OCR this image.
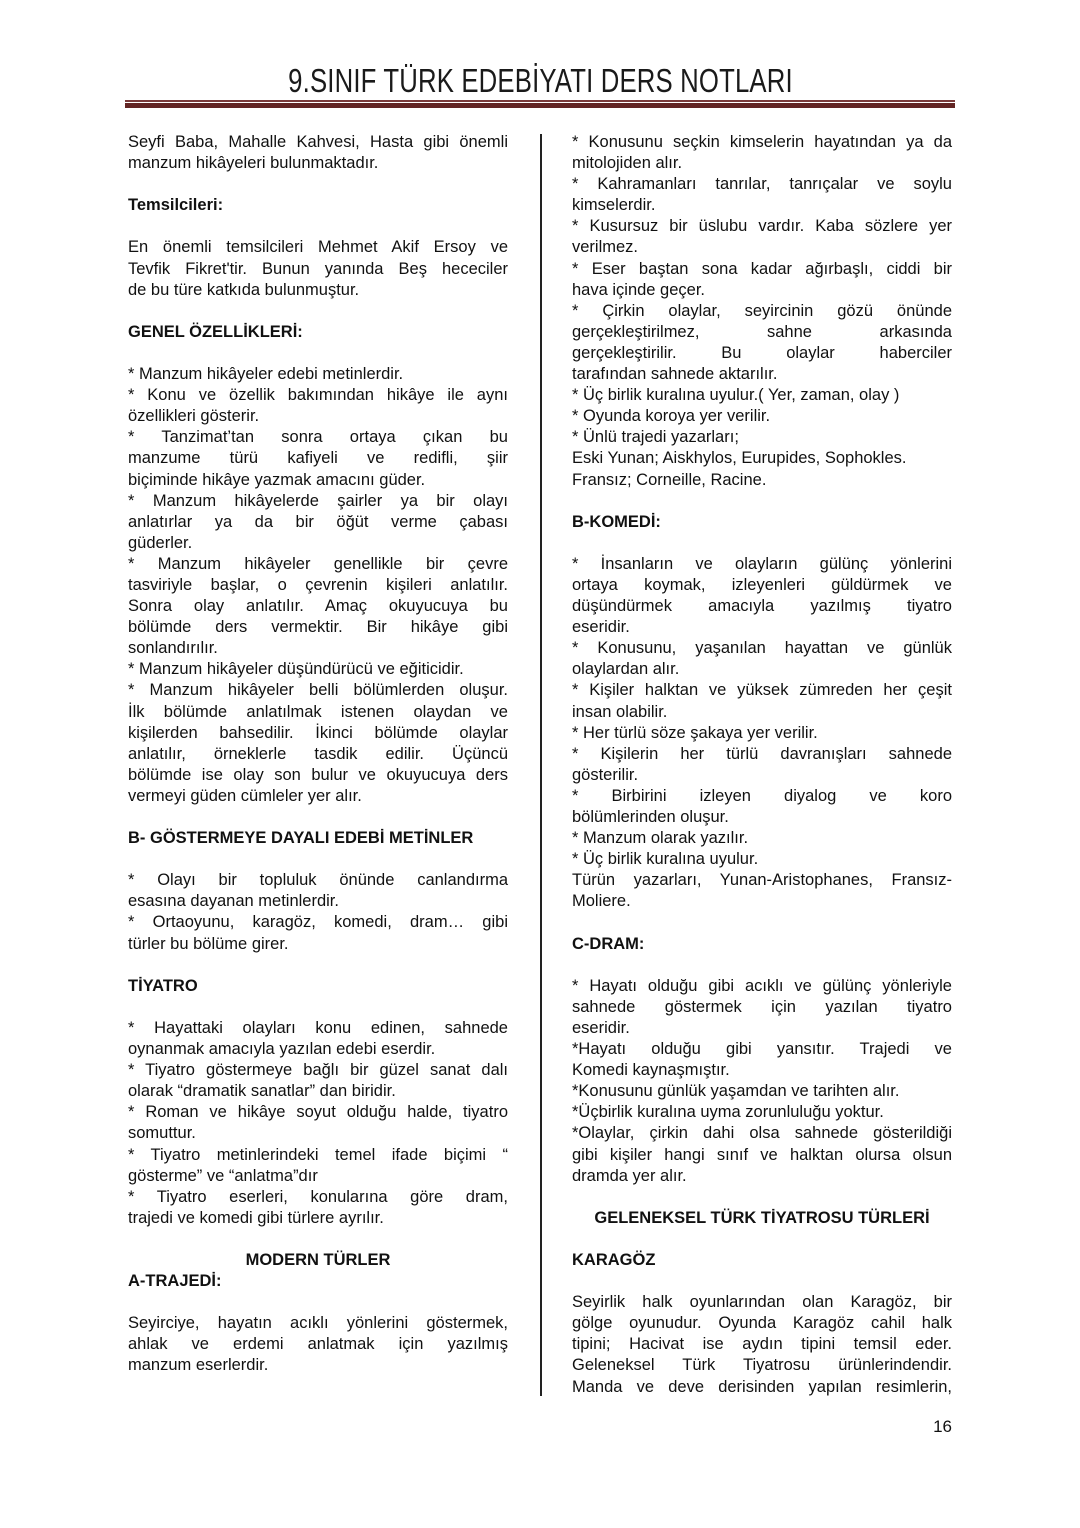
9.SINIF TÜRK EDEBİYATI DERS NOTLARI
Seyfi Baba, Mahalle Kahvesi, Hasta gibi önemli
manzum hikâyeleri bulunmaktadır.
Temsilcileri:
En önemli temsilcileri Mehmet Akif Ersoy ve
Tevfik Fikret'tir. Bunun yanında Beş hececiler
de bu türe katkıda bulunmuştur.
GENEL ÖZELLİKLERİ:
* Manzum hikâyeler edebi metinlerdir.
* Konu ve özellik bakımından hikâye ile aynı
özellikleri gösterir.
* Tanzimat’tan sonra ortaya çıkan bu
manzume türü kafiyeli ve redifli, şiir
biçiminde hikâye yazmak amacını güder.
* Manzum hikâyelerde şairler ya bir olayı
anlatırlar ya da bir öğüt verme çabası
güderler.
* Manzum hikâyeler genellikle bir çevre
tasviriyle başlar, o çevrenin kişileri anlatılır.
Sonra olay anlatılır. Amaç okuyucuya bu
bölümde ders vermektir. Bir hikâye gibi
sonlandırılır.
* Manzum hikâyeler düşündürücü ve eğiticidir.
* Manzum hikâyeler belli bölümlerden oluşur.
İlk bölümde anlatılmak istenen olaydan ve
kişilerden bahsedilir. İkinci bölümde olaylar
anlatılır, örneklerle tasdik edilir. Üçüncü
bölümde ise olay son bulur ve okuyucuya ders
vermeyi güden cümleler yer alır.
B- GÖSTERMEYE DAYALI EDEBİ METİNLER
* Olayı bir topluluk önünde canlandırma
esasına dayanan metinlerdir.
* Ortaoyunu, karagöz, komedi, dram… gibi
türler bu bölüme girer.
TİYATRO
* Hayattaki olayları konu edinen, sahnede
oynanmak amacıyla yazılan edebi eserdir.
* Tiyatro göstermeye bağlı bir güzel sanat dalı
olarak “dramatik sanatlar” dan biridir.
* Roman ve hikâye soyut olduğu halde, tiyatro
somuttur.
* Tiyatro metinlerindeki temel ifade biçimi “
gösterme” ve “anlatma”dır
* Tiyatro eserleri, konularına göre dram,
trajedi ve komedi gibi türlere ayrılır.
MODERN TÜRLER
A-TRAJEDİ:
Seyirciye, hayatın acıklı yönlerini göstermek,
ahlak ve erdemi anlatmak için yazılmış
manzum eserlerdir.
* Konusunu seçkin kimselerin hayatından ya da
mitolojiden alır.
* Kahramanları tanrılar, tanrıçalar ve soylu
kimselerdir.
* Kusursuz bir üslubu vardır. Kaba sözlere yer
verilmez.
* Eser baştan sona kadar ağırbaşlı, ciddi bir
hava içinde geçer.
* Çirkin olaylar, seyircinin gözü önünde
gerçekleştirilmez, sahne arkasında
gerçekleştirilir. Bu olaylar haberciler
tarafından sahnede aktarılır.
* Üç birlik kuralına uyulur.( Yer, zaman, olay )
* Oyunda koroya yer verilir.
* Ünlü trajedi yazarları;
Eski Yunan; Aiskhylos, Eurupides, Sophokles.
Fransız; Corneille, Racine.
B-KOMEDİ:
* İnsanların ve olayların gülünç yönlerini
ortaya koymak, izleyenleri güldürmek ve
düşündürmek amacıyla yazılmış tiyatro
eseridir.
* Konusunu, yaşanılan hayattan ve günlük
olaylardan alır.
* Kişiler halktan ve yüksek zümreden her çeşit
insan olabilir.
* Her türlü söze şakaya yer verilir.
* Kişilerin her türlü davranışları sahnede
gösterilir.
* Birbirini izleyen diyalog ve koro
bölümlerinden oluşur.
* Manzum olarak yazılır.
* Üç birlik kuralına uyulur.
Türün yazarları, Yunan-Aristophanes, Fransız-
Moliere.
C-DRAM:
* Hayatı olduğu gibi acıklı ve gülünç yönleriyle
sahnede göstermek için yazılan tiyatro
eseridir.
*Hayatı olduğu gibi yansıtır. Trajedi ve
Komedi kaynaşmıştır.
*Konusunu günlük yaşamdan ve tarihten alır.
*Üçbirlik kuralına uyma zorunluluğu yoktur.
*Olaylar, çirkin dahi olsa sahnede gösterildiği
gibi kişiler hangi sınıf ve halktan olursa olsun
dramda yer alır.
GELENEKSEL TÜRK TİYATROSU TÜRLERİ
KARAGÖZ
Seyirlik halk oyunlarından olan Karagöz, bir
gölge oyunudur. Oyunda Karagöz cahil halk
tipini; Hacivat ise aydın tipini temsil eder.
Geleneksel Türk Tiyatrosu ürünlerindendir.
Manda ve deve derisinden yapılan resimlerin,
16
